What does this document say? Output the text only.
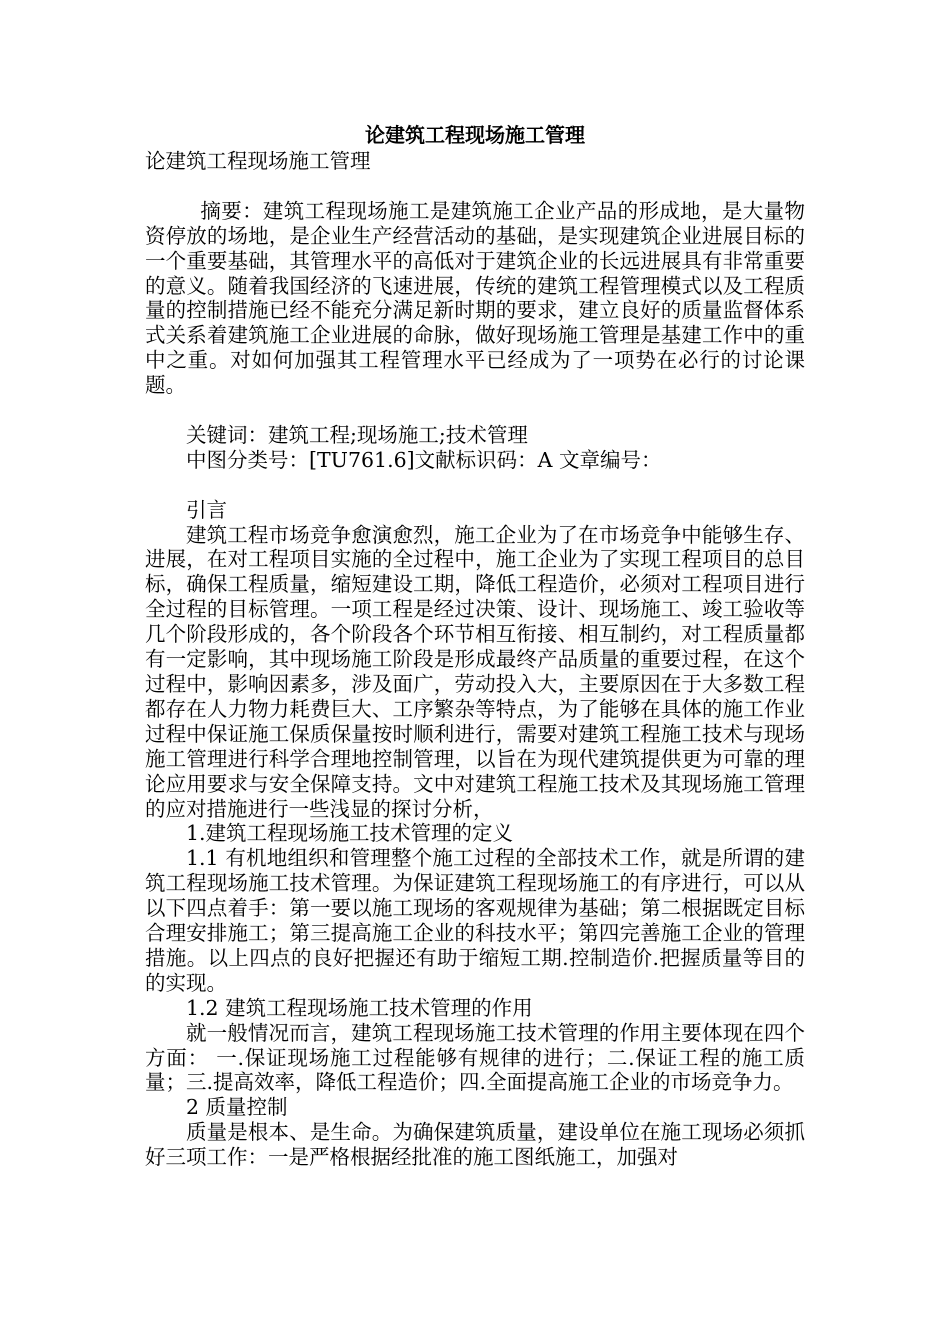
论建筑工程现场施工管理

论建筑工程现场施工管理

摘要：建筑工程现场施工是建筑施工企业产品的形成地，是大量物资停放的场地，是企业生产经营活动的基础，是实现建筑企业进展目标的一个重要基础，其管理水平的高低对于建筑企业的长远进展具有非常重要的意义。随着我国经济的飞速进展，传统的建筑工程管理模式以及工程质量的控制措施已经不能充分满足新时期的要求，建立良好的质量监督体系式关系着建筑施工企业进展的命脉，做好现场施工管理是基建工作中的重中之重。对如何加强其工程管理水平已经成为了一项势在必行的讨论课题。

关键词：建筑工程;现场施工;技术管理

中图分类号：[TU761.6]文献标识码：A 文章编号：

引言

建筑工程市场竞争愈演愈烈，施工企业为了在市场竞争中能够生存、进展，在对工程项目实施的全过程中，施工企业为了实现工程项目的总目标，确保工程质量，缩短建设工期，降低工程造价，必须对工程项目进行全过程的目标管理。一项工程是经过决策、设计、现场施工、竣工验收等几个阶段形成的，各个阶段各个环节相互衔接、相互制约，对工程质量都有一定影响，其中现场施工阶段是形成最终产品质量的重要过程，在这个过程中，影响因素多，涉及面广，劳动投入大，主要原因在于大多数工程都存在人力物力耗费巨大、工序繁杂等特点，为了能够在具体的施工作业过程中保证施工保质保量按时顺利进行，需要对建筑工程施工技术与现场施工管理进行科学合理地控制管理，以旨在为现代建筑提供更为可靠的理论应用要求与安全保障支持。文中对建筑工程施工技术及其现场施工管理的应对措施进行一些浅显的探讨分析，

1.建筑工程现场施工技术管理的定义

1.1 有机地组织和管理整个施工过程的全部技术工作，就是所谓的建筑工程现场施工技术管理。为保证建筑工程现场施工的有序进行，可以从以下四点着手：第一要以施工现场的客观规律为基础；第二根据既定目标合理安排施工；第三提高施工企业的科技水平；第四完善施工企业的管理措施。以上四点的良好把握还有助于缩短工期.控制造价.把握质量等目的的实现。

1.2 建筑工程现场施工技术管理的作用

就一般情况而言，建筑工程现场施工技术管理的作用主要体现在四个方面： 一.保证现场施工过程能够有规律的进行；二.保证工程的施工质量；三.提高效率，降低工程造价；四.全面提高施工企业的市场竞争力。

2 质量控制

质量是根本、是生命。为确保建筑质量，建设单位在施工现场必须抓好三项工作：一是严格根据经批准的施工图纸施工，加强对
